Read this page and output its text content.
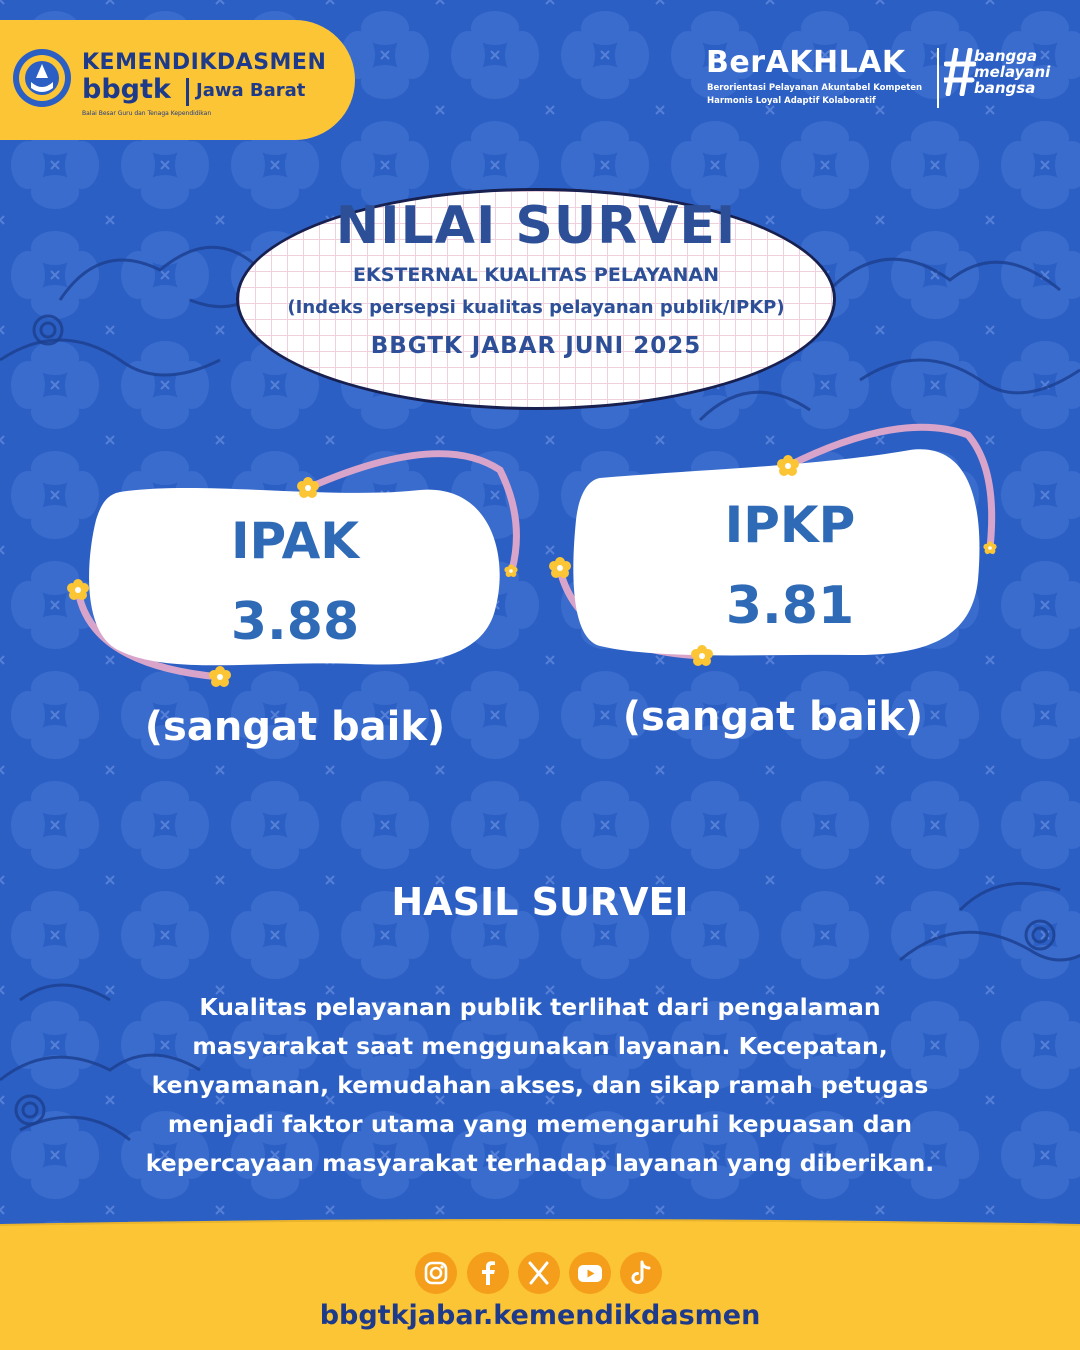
KEMENDIKDASMEN
bbgtk Jawa Barat
Balai Besar Guru dan Tenaga Kependidikan
BerAKHLAK
Berorientasi Pelayanan Akuntabel Kompeten
Harmonis Loyal Adaptif Kolaboratif
bangga
melayani
bangsa
NILAI SURVEI
EKSTERNAL KUALITAS PELAYANAN
(Indeks persepsi kualitas pelayanan publik/IPKP)
BBGTK JABAR JUNI 2025
IPAK
3.88
(sangat baik)
IPKP
3.81
(sangat baik)
HASIL SURVEI
Kualitas pelayanan publik terlihat dari pengalaman masyarakat saat menggunakan layanan. Kecepatan, kenyamanan, kemudahan akses, dan sikap ramah petugas menjadi faktor utama yang memengaruhi kepuasan dan kepercayaan masyarakat terhadap layanan yang diberikan.
bbgtkjabar.kemendikdasmen
